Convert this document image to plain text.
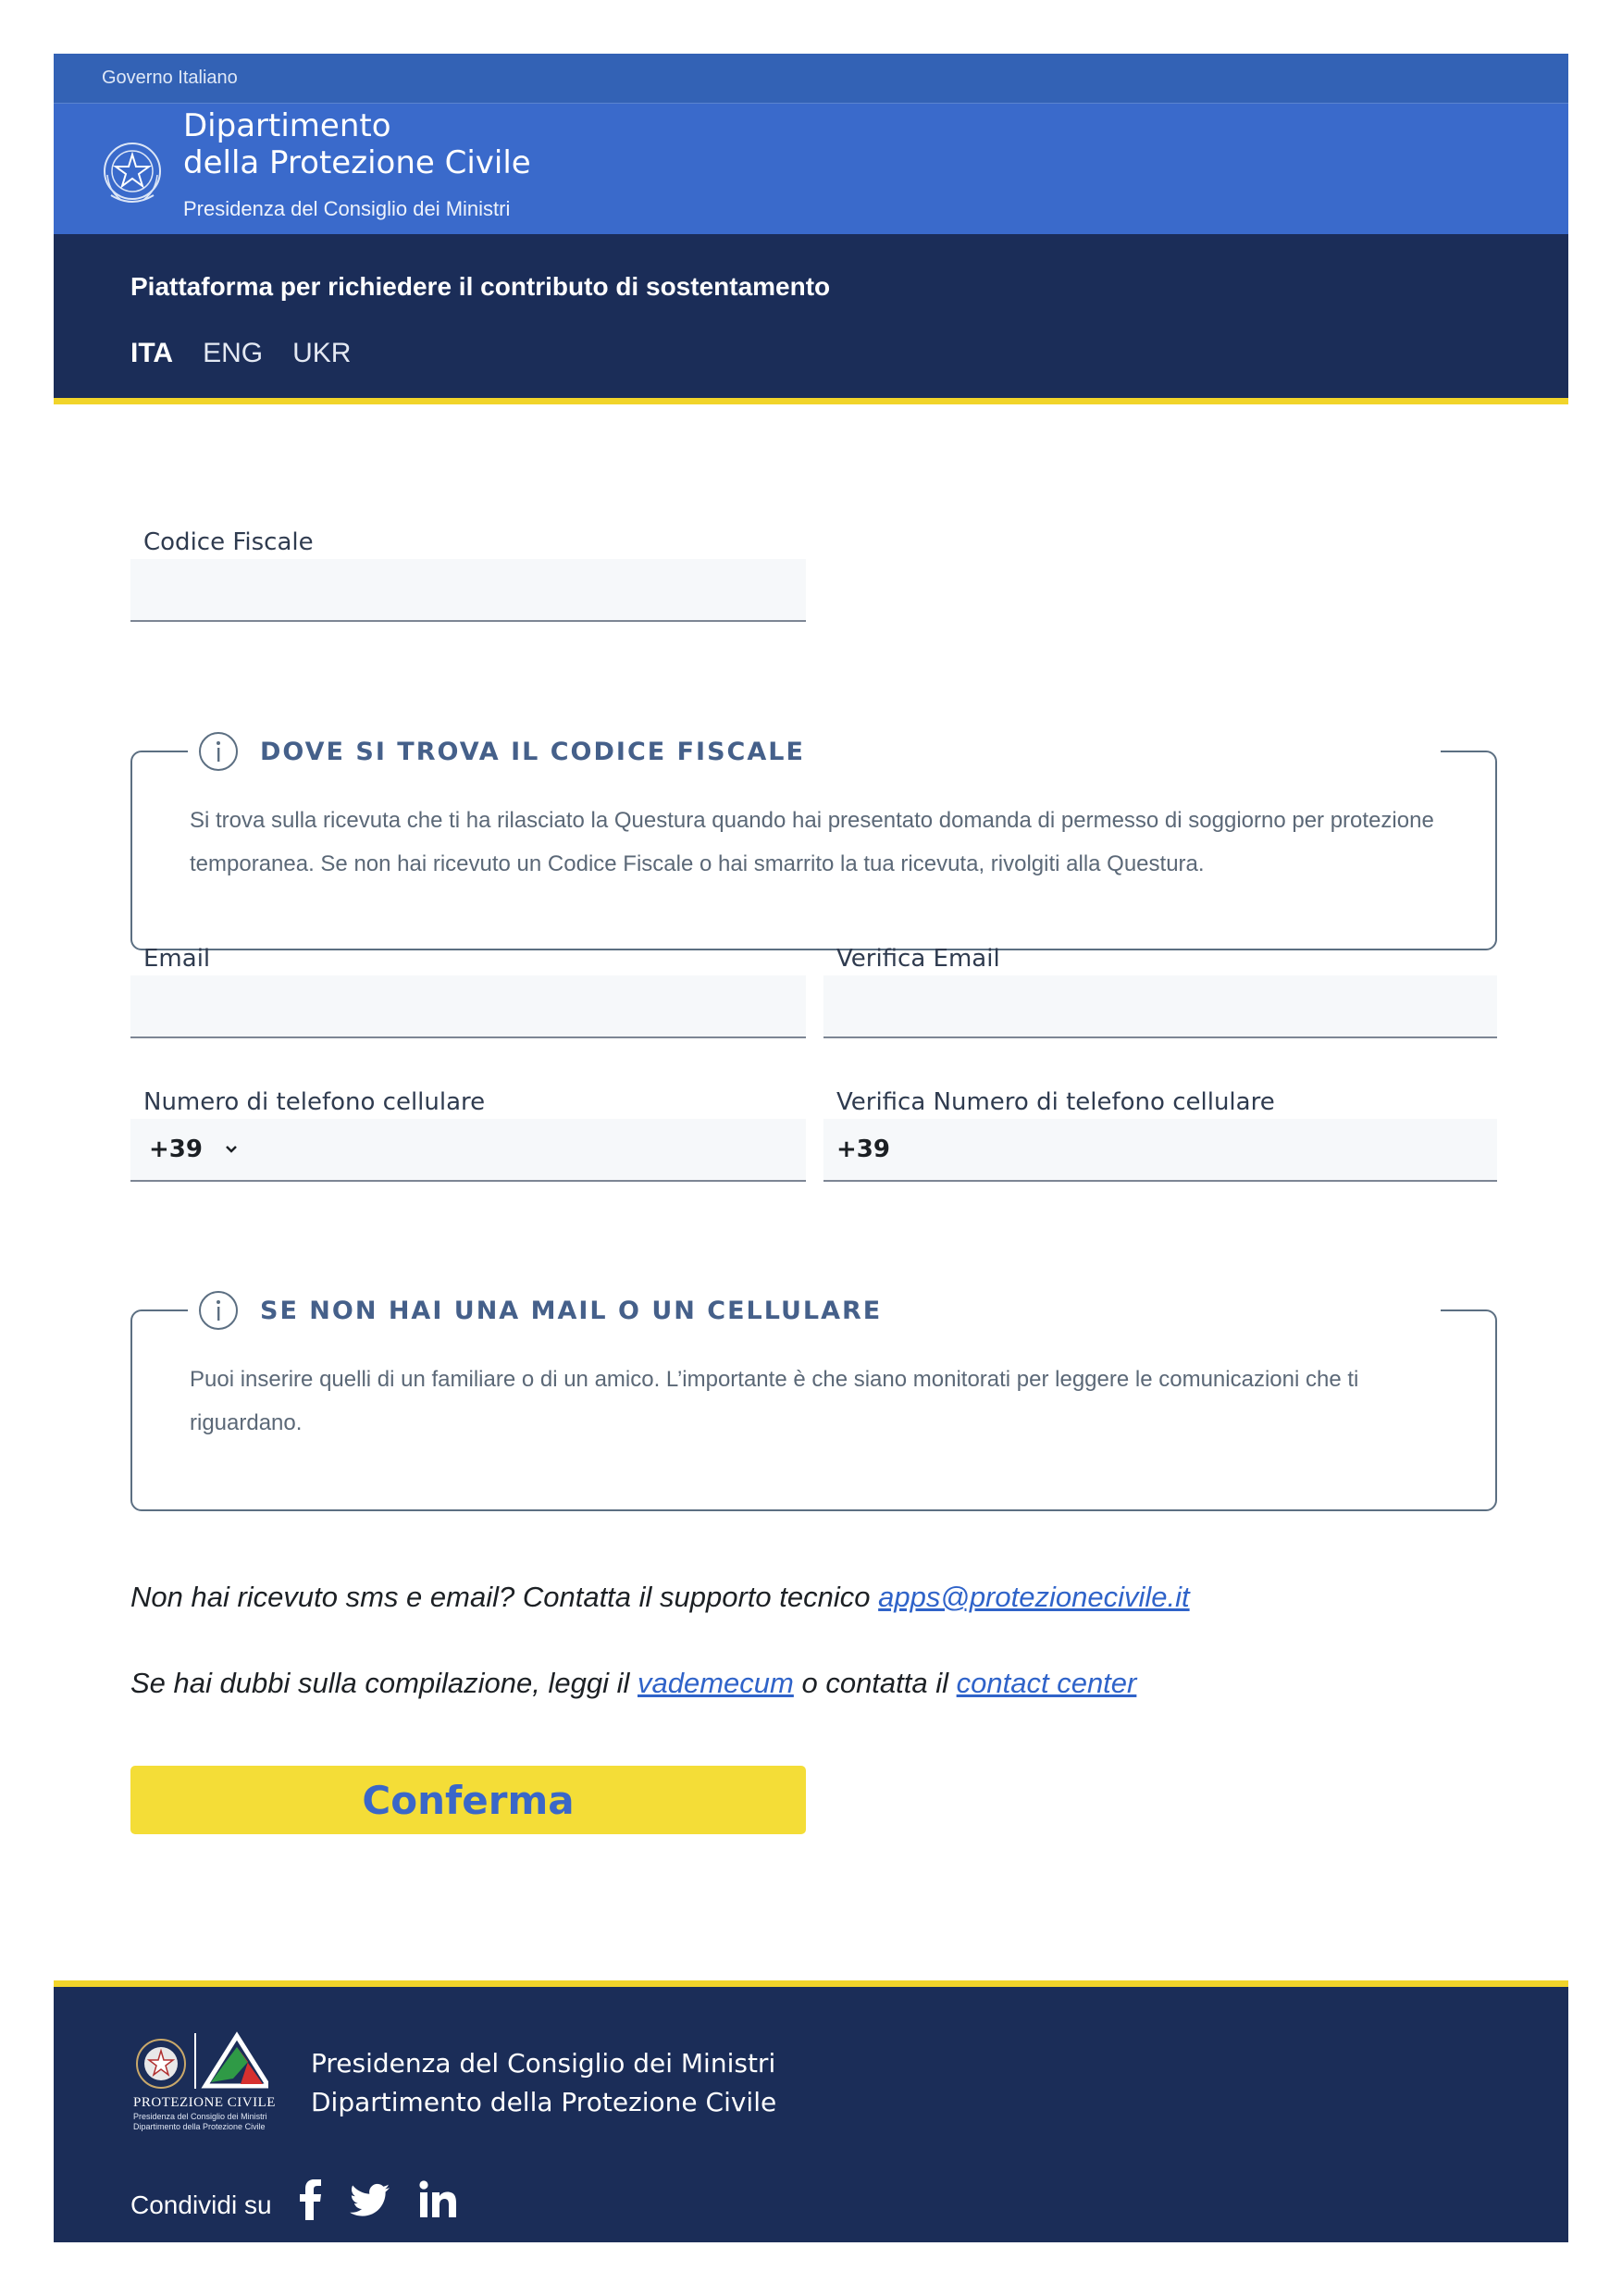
Governo Italiano
Dipartimento
della Protezione Civile
Presidenza del Consiglio dei Ministri
Piattaforma per richiedere il contributo di sostentamento
ITA ENG UKR
Codice Fiscale
DOVE SI TROVA IL CODICE FISCALE
Si trova sulla ricevuta che ti ha rilasciato la Questura quando hai presentato domanda di permesso di soggiorno per protezione temporanea. Se non hai ricevuto un Codice Fiscale o hai smarrito la tua ricevuta, rivolgiti alla Questura.
Email	Verifica Email
Numero di telefono cellulare
+39
Verifica Numero di telefono cellulare
+39
SE NON HAI UNA MAIL O UN CELLULARE
Puoi inserire quelli di un familiare o di un amico. L’importante è che siano monitorati per leggere le comunicazioni che ti riguardano.
Non hai ricevuto sms e email? Contatta il supporto tecnico apps@protezionecivile.it
Se hai dubbi sulla compilazione, leggi il vademecum o contatta il contact center
Conferma
PROTEZIONE CIVILE
Presidenza del Consiglio dei Ministri Dipartimento della Protezione Civile
Presidenza del Consiglio dei Ministri
Dipartimento della Protezione Civile
Condividi su
